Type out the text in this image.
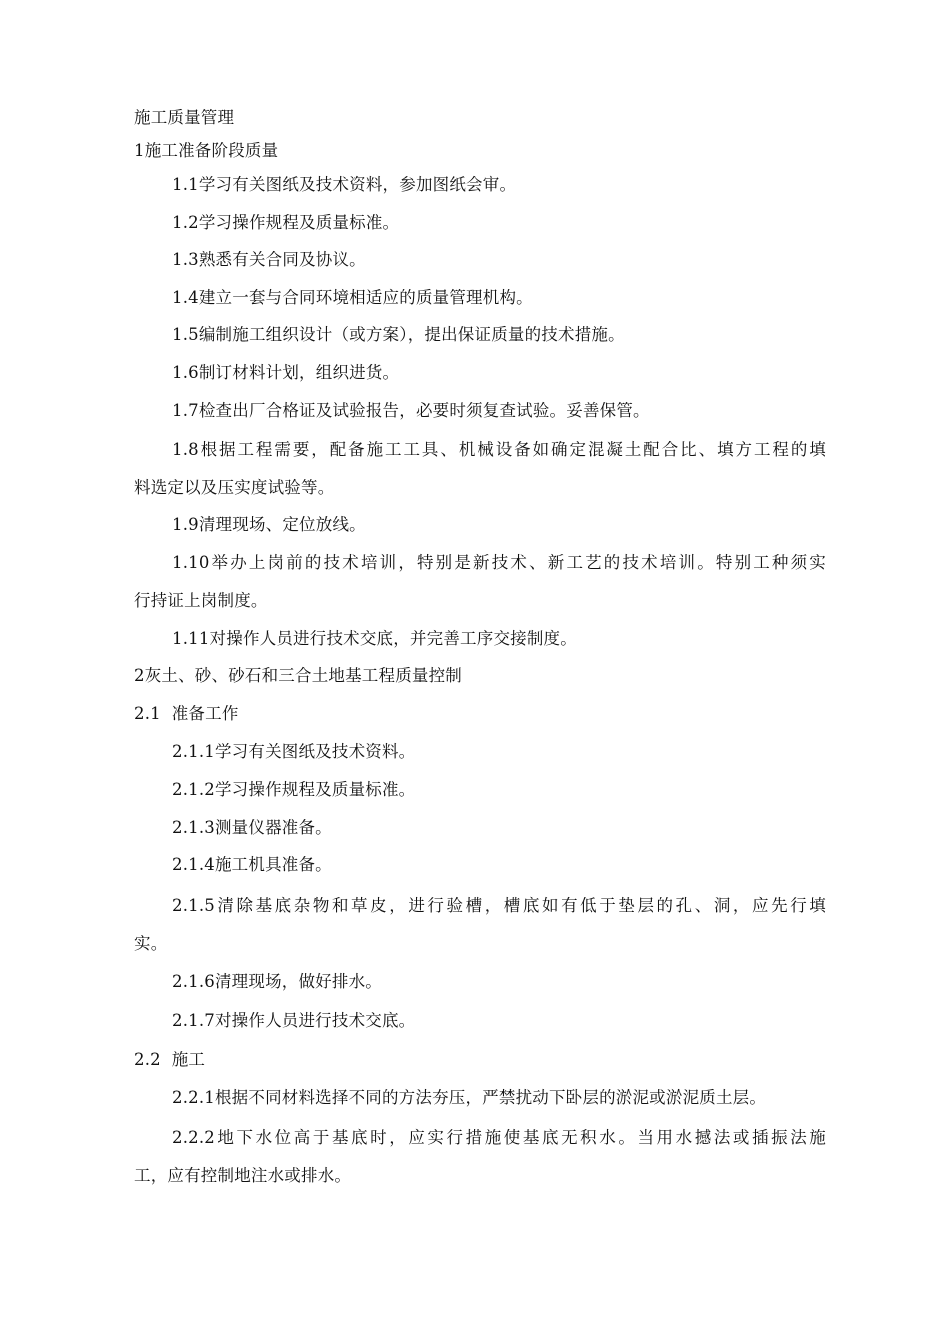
施工质量管理
1施工准备阶段质量
1.1学习有关图纸及技术资料，参加图纸会审。
1.2学习操作规程及质量标准。
1.3熟悉有关合同及协议。
1.4建立一套与合同环境相适应的质量管理机构。
1.5编制施工组织设计（或方案），提出保证质量的技术措施。
1.6制订材料计划，组织进货。
1.7检查出厂合格证及试验报告，必要时须复查试验。妥善保管。
1.8根据工程需要，配备施工工具、机械设备如确定混凝土配合比、填方工程的填
料选定以及压实度试验等。
1.9清理现场、定位放线。
1.10举办上岗前的技术培训，特别是新技术、新工艺的技术培训。特别工种须实
行持证上岗制度。
1.11对操作人员进行技术交底，并完善工序交接制度。
2灰土、砂、砂石和三合土地基工程质量控制
2.1  准备工作
2.1.1学习有关图纸及技术资料。
2.1.2学习操作规程及质量标准。
2.1.3测量仪器准备。
2.1.4施工机具准备。
2.1.5清除基底杂物和草皮，进行验槽，槽底如有低于垫层的孔、洞，应先行填
实。
2.1.6清理现场，做好排水。
2.1.7对操作人员进行技术交底。
2.2  施工
2.2.1根据不同材料选择不同的方法夯压，严禁扰动下卧层的淤泥或淤泥质土层。
2.2.2地下水位高于基底时，应实行措施使基底无积水。当用水撼法或插振法施
工，应有控制地注水或排水。
